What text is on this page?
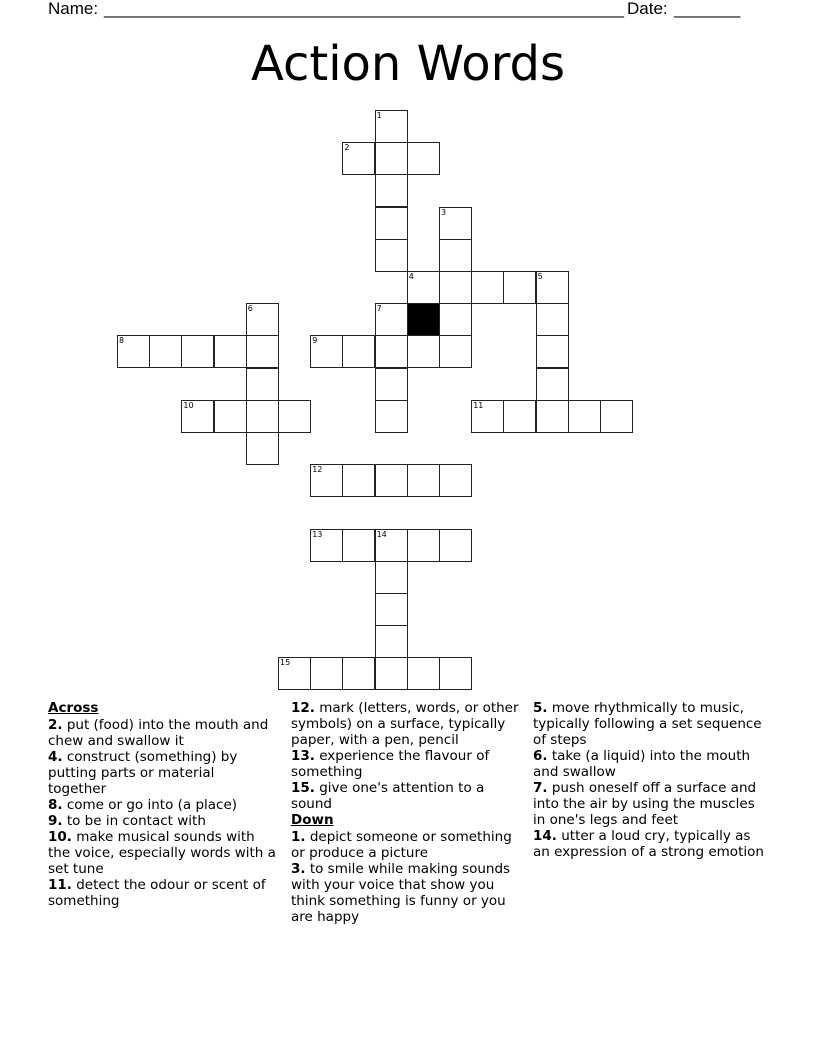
Name: _______________________________________________________ Date: _______
Action Words
1
2
3
4	5
6
8
7
9
10	11
12
13	14
15
Across
2. put (food) into the mouth and chew and swallow it
4. construct (something) by putting parts or material together
8. come or go into (a place)
9. to be in contact with
10. make musical sounds with the voice, especially words with a set tune
11. detect the odour or scent of something
12. mark (letters, words, or other symbols) on a surface, typically paper, with a pen, pencil
13. experience the flavour of something
15. give one's attention to a sound
Down
1. depict someone or something or produce a picture
3. to smile while making sounds with your voice that show you think something is funny or you are happy
5. move rhythmically to music, typically following a set sequence of steps
6. take (a liquid) into the mouth and swallow
7. push oneself off a surface and into the air by using the muscles in one's legs and feet
14. utter a loud cry, typically as an expression of a strong emotion
